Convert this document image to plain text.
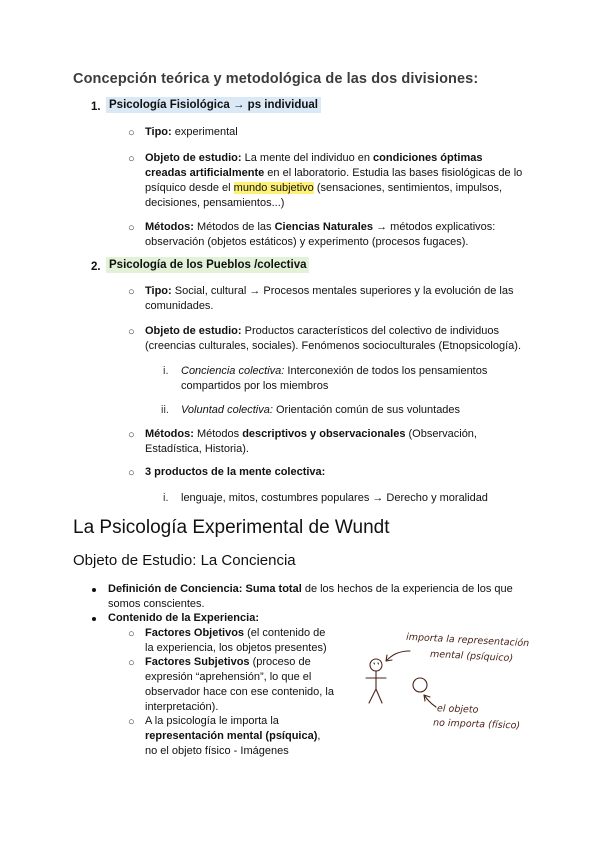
Concepción teórica y metodológica de las dos divisiones:
1. Psicología Fisiológica → ps individual
○ Tipo: experimental
○ Objeto de estudio: La mente del individuo en condiciones óptimas
creadas artificialmente en el laboratorio. Estudia las bases fisiológicas de lo
psíquico desde el mundo subjetivo (sensaciones, sentimientos, impulsos,
decisiones, pensamientos...)
○ Métodos: Métodos de las Ciencias Naturales → métodos explicativos:
observación (objetos estáticos) y experimento (procesos fugaces).
2. Psicología de los Pueblos /colectiva
○ Tipo: Social, cultural → Procesos mentales superiores y la evolución de las
comunidades.
○ Objeto de estudio: Productos característicos del colectivo de individuos
(creencias culturales, sociales). Fenómenos socioculturales (Etnopsicología).
i. Conciencia colectiva: Interconexión de todos los pensamientos
compartidos por los miembros
ii. Voluntad colectiva: Orientación común de sus voluntades
○ Métodos: Métodos descriptivos y observacionales (Observación,
Estadística, Historia).
○ 3 productos de la mente colectiva:
i. lenguaje, mitos, costumbres populares → Derecho y moralidad
La Psicología Experimental de Wundt
Objeto de Estudio: La Conciencia
Definición de Conciencia: Suma total de los hechos de la experiencia de los que
somos conscientes.
Contenido de la Experiencia:
○ Factores Objetivos (el contenido de
la experiencia, los objetos presentes)
○ Factores Subjetivos (proceso de
expresión “aprehensión”, lo que el
observador hace con ese contenido, la
interpretación).
○ A la psicología le importa la
representación mental (psíquica),
no el objeto físico - Imágenes
importa la representación
mental (psíquico)
el objeto
no importa (físico)
